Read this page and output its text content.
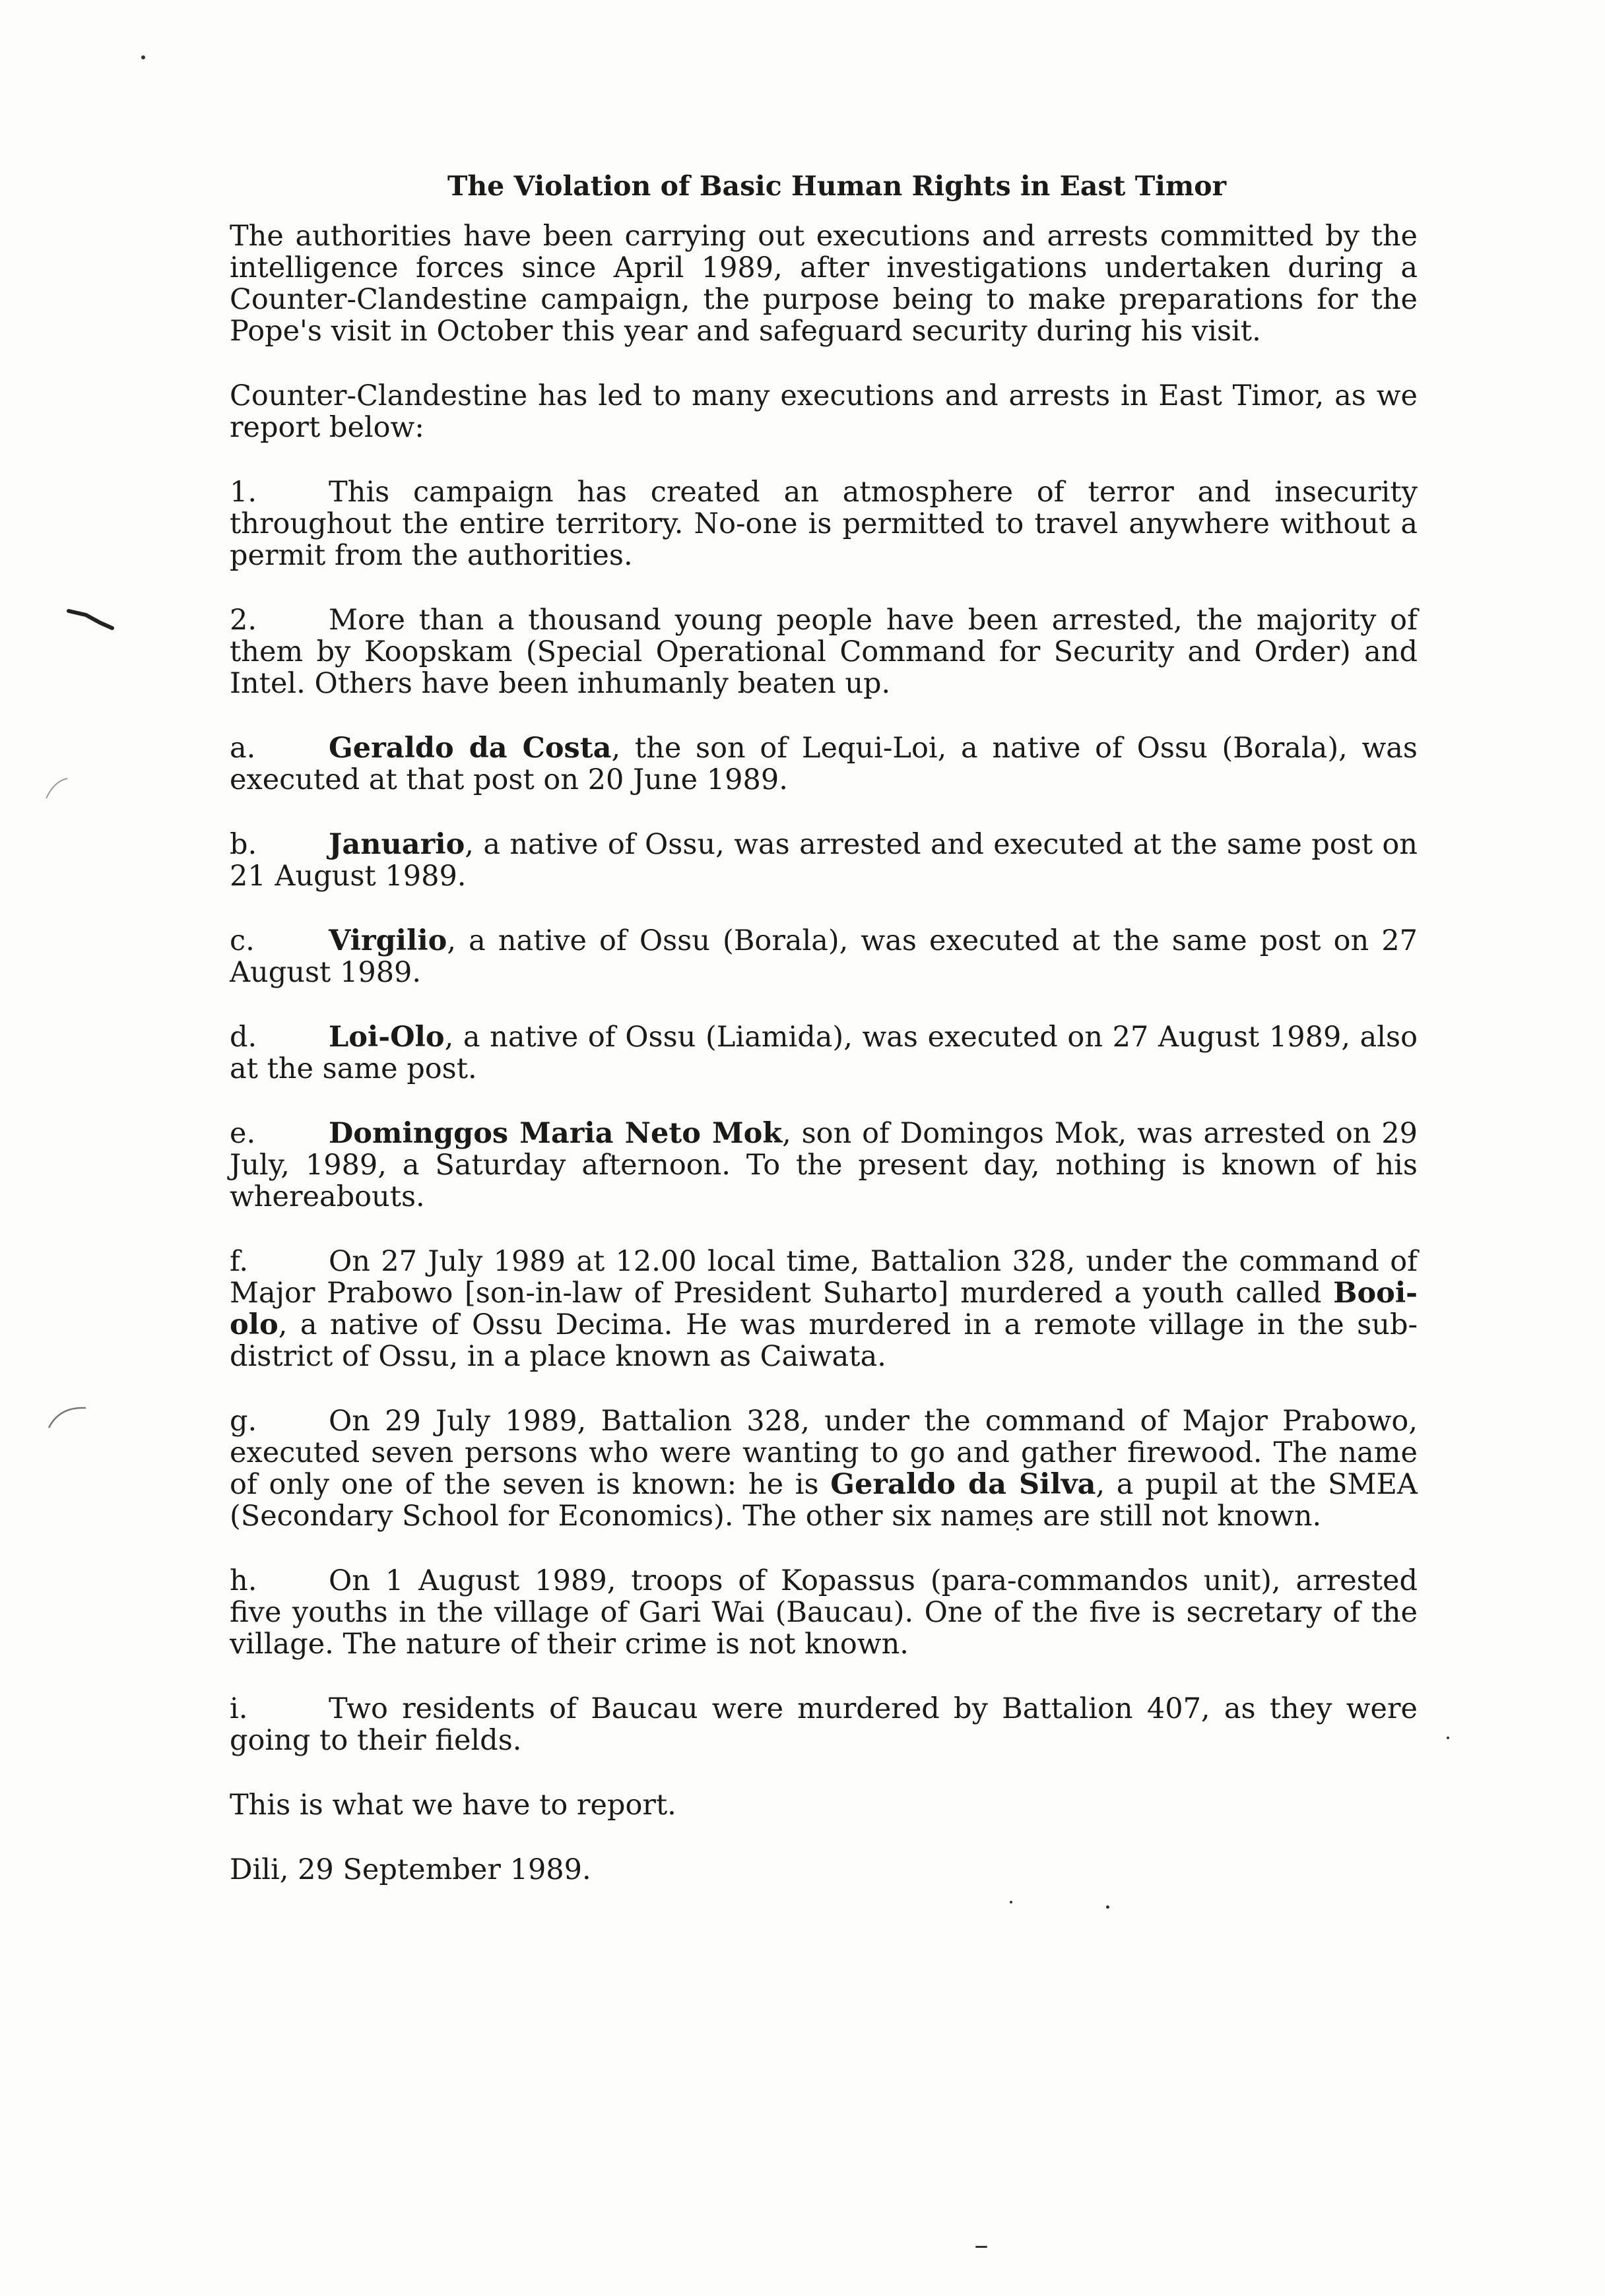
The Violation of Basic Human Rights in East Timor

The authorities have been carrying out executions and arrests committed by the intelligence forces since April 1989, after investigations undertaken during a Counter-Clandestine campaign, the purpose being to make preparations for the Pope's visit in October this year and safeguard security during his visit.

Counter-Clandestine has led to many executions and arrests in East Timor, as we report below:

1.	This campaign has created an atmosphere of terror and insecurity throughout the entire territory. No-one is permitted to travel anywhere without a permit from the authorities.

2.	More than a thousand young people have been arrested, the majority of them by Koopskam (Special Operational Command for Security and Order) and Intel. Others have been inhumanly beaten up.

a.	Geraldo da Costa, the son of Lequi-Loi, a native of Ossu (Borala), was executed at that post on 20 June 1989.

b.	Januario, a native of Ossu, was arrested and executed at the same post on 21 August 1989.

c.	Virgilio, a native of Ossu (Borala), was executed at the same post on 27 August 1989.

d.	Loi-Olo, a native of Ossu (Liamida), was executed on 27 August 1989, also at the same post.

e.	Dominggos Maria Neto Mok, son of Domingos Mok, was arrested on 29 July, 1989, a Saturday afternoon. To the present day, nothing is known of his whereabouts.

f.	On 27 July 1989 at 12.00 local time, Battalion 328, under the command of Major Prabowo [son-in-law of President Suharto] murdered a youth called Booi-olo, a native of Ossu Decima. He was murdered in a remote village in the sub-district of Ossu, in a place known as Caiwata.

g.	On 29 July 1989, Battalion 328, under the command of Major Prabowo, executed seven persons who were wanting to go and gather firewood. The name of only one of the seven is known: he is Geraldo da Silva, a pupil at the SMEA (Secondary School for Economics). The other six names are still not known.

h.	On 1 August 1989, troops of Kopassus (para-commandos unit), arrested five youths in the village of Gari Wai (Baucau). One of the five is secretary of the village. The nature of their crime is not known.

i.	Two residents of Baucau were murdered by Battalion 407, as they were going to their fields.

This is what we have to report.

Dili, 29 September 1989.
